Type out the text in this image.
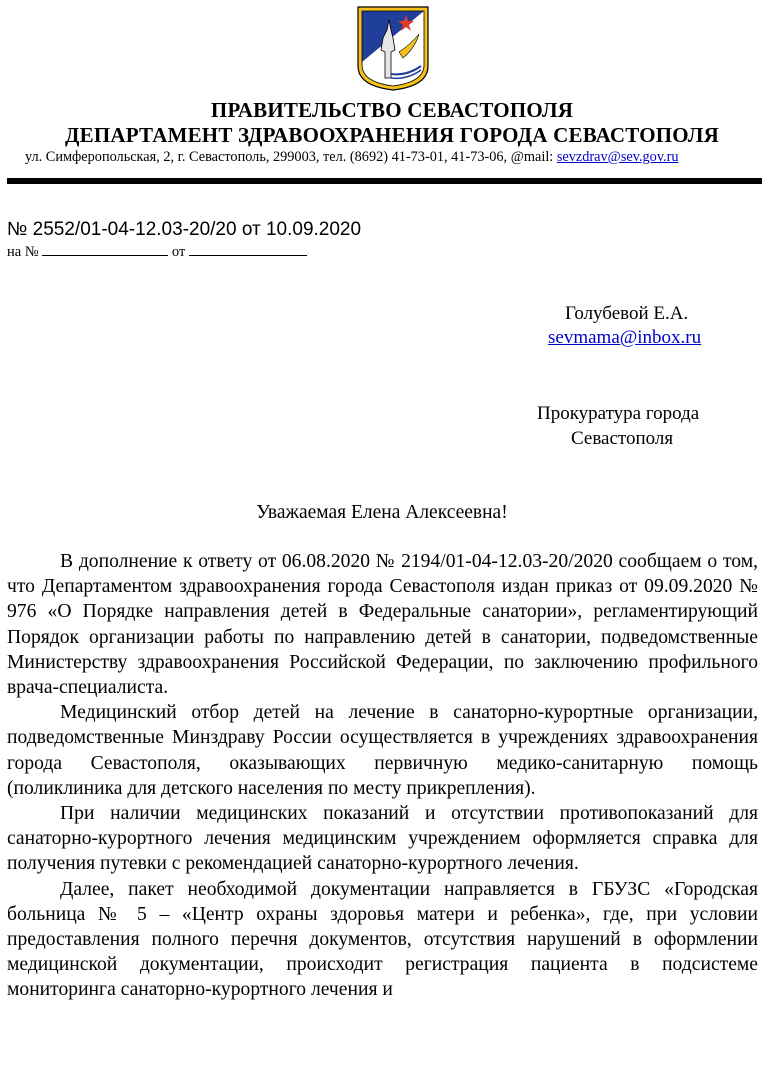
ПРАВИТЕЛЬСТВО СЕВАСТОПОЛЯ
ДЕПАРТАМЕНТ ЗДРАВООХРАНЕНИЯ ГОРОДА СЕВАСТОПОЛЯ
ул. Симферопольская, 2, г. Севастополь, 299003, тел. (8692) 41-73-01, 41-73-06, @mail: sevzdrav@sev.gov.ru
№ 2552/01-04-12.03-20/20 от 10.09.2020
на №	от
Голубевой Е.А.
sevmama@inbox.ru
Прокуратура города
Севастополя
Уважаемая Елена Алексеевна!

В дополнение к ответу от 06.08.2020 № 2194/01-04-12.03-20/2020 сообщаем о том, что Департаментом здравоохранения города Севастополя издан приказ от 09.09.2020 № 976 «О Порядке направления детей в Федеральные санатории», регламентирующий Порядок организации работы по направлению детей в санатории, подведомственные Министерству здравоохранения Российской Федерации, по заключению профильного врача-специалиста.

Медицинский отбор детей на лечение в санаторно-курортные организации, подведомственные Минздраву России осуществляется в учреждениях здравоохранения города Севастополя, оказывающих первичную медико-санитарную помощь (поликлиника для детского населения по месту прикрепления).

При наличии медицинских показаний и отсутствии противопоказаний для санаторно-курортного лечения медицинским учреждением оформляется справка для получения путевки с рекомендацией санаторно-курортного лечения.

Далее, пакет необходимой документации направляется в ГБУЗС «Городская больница № 5 – «Центр охраны здоровья матери и ребенка», где, при условии предоставления полного перечня документов, отсутствия нарушений в оформлении медицинской документации, происходит регистрация пациента в подсистеме мониторинга санаторно-курортного лечения и
